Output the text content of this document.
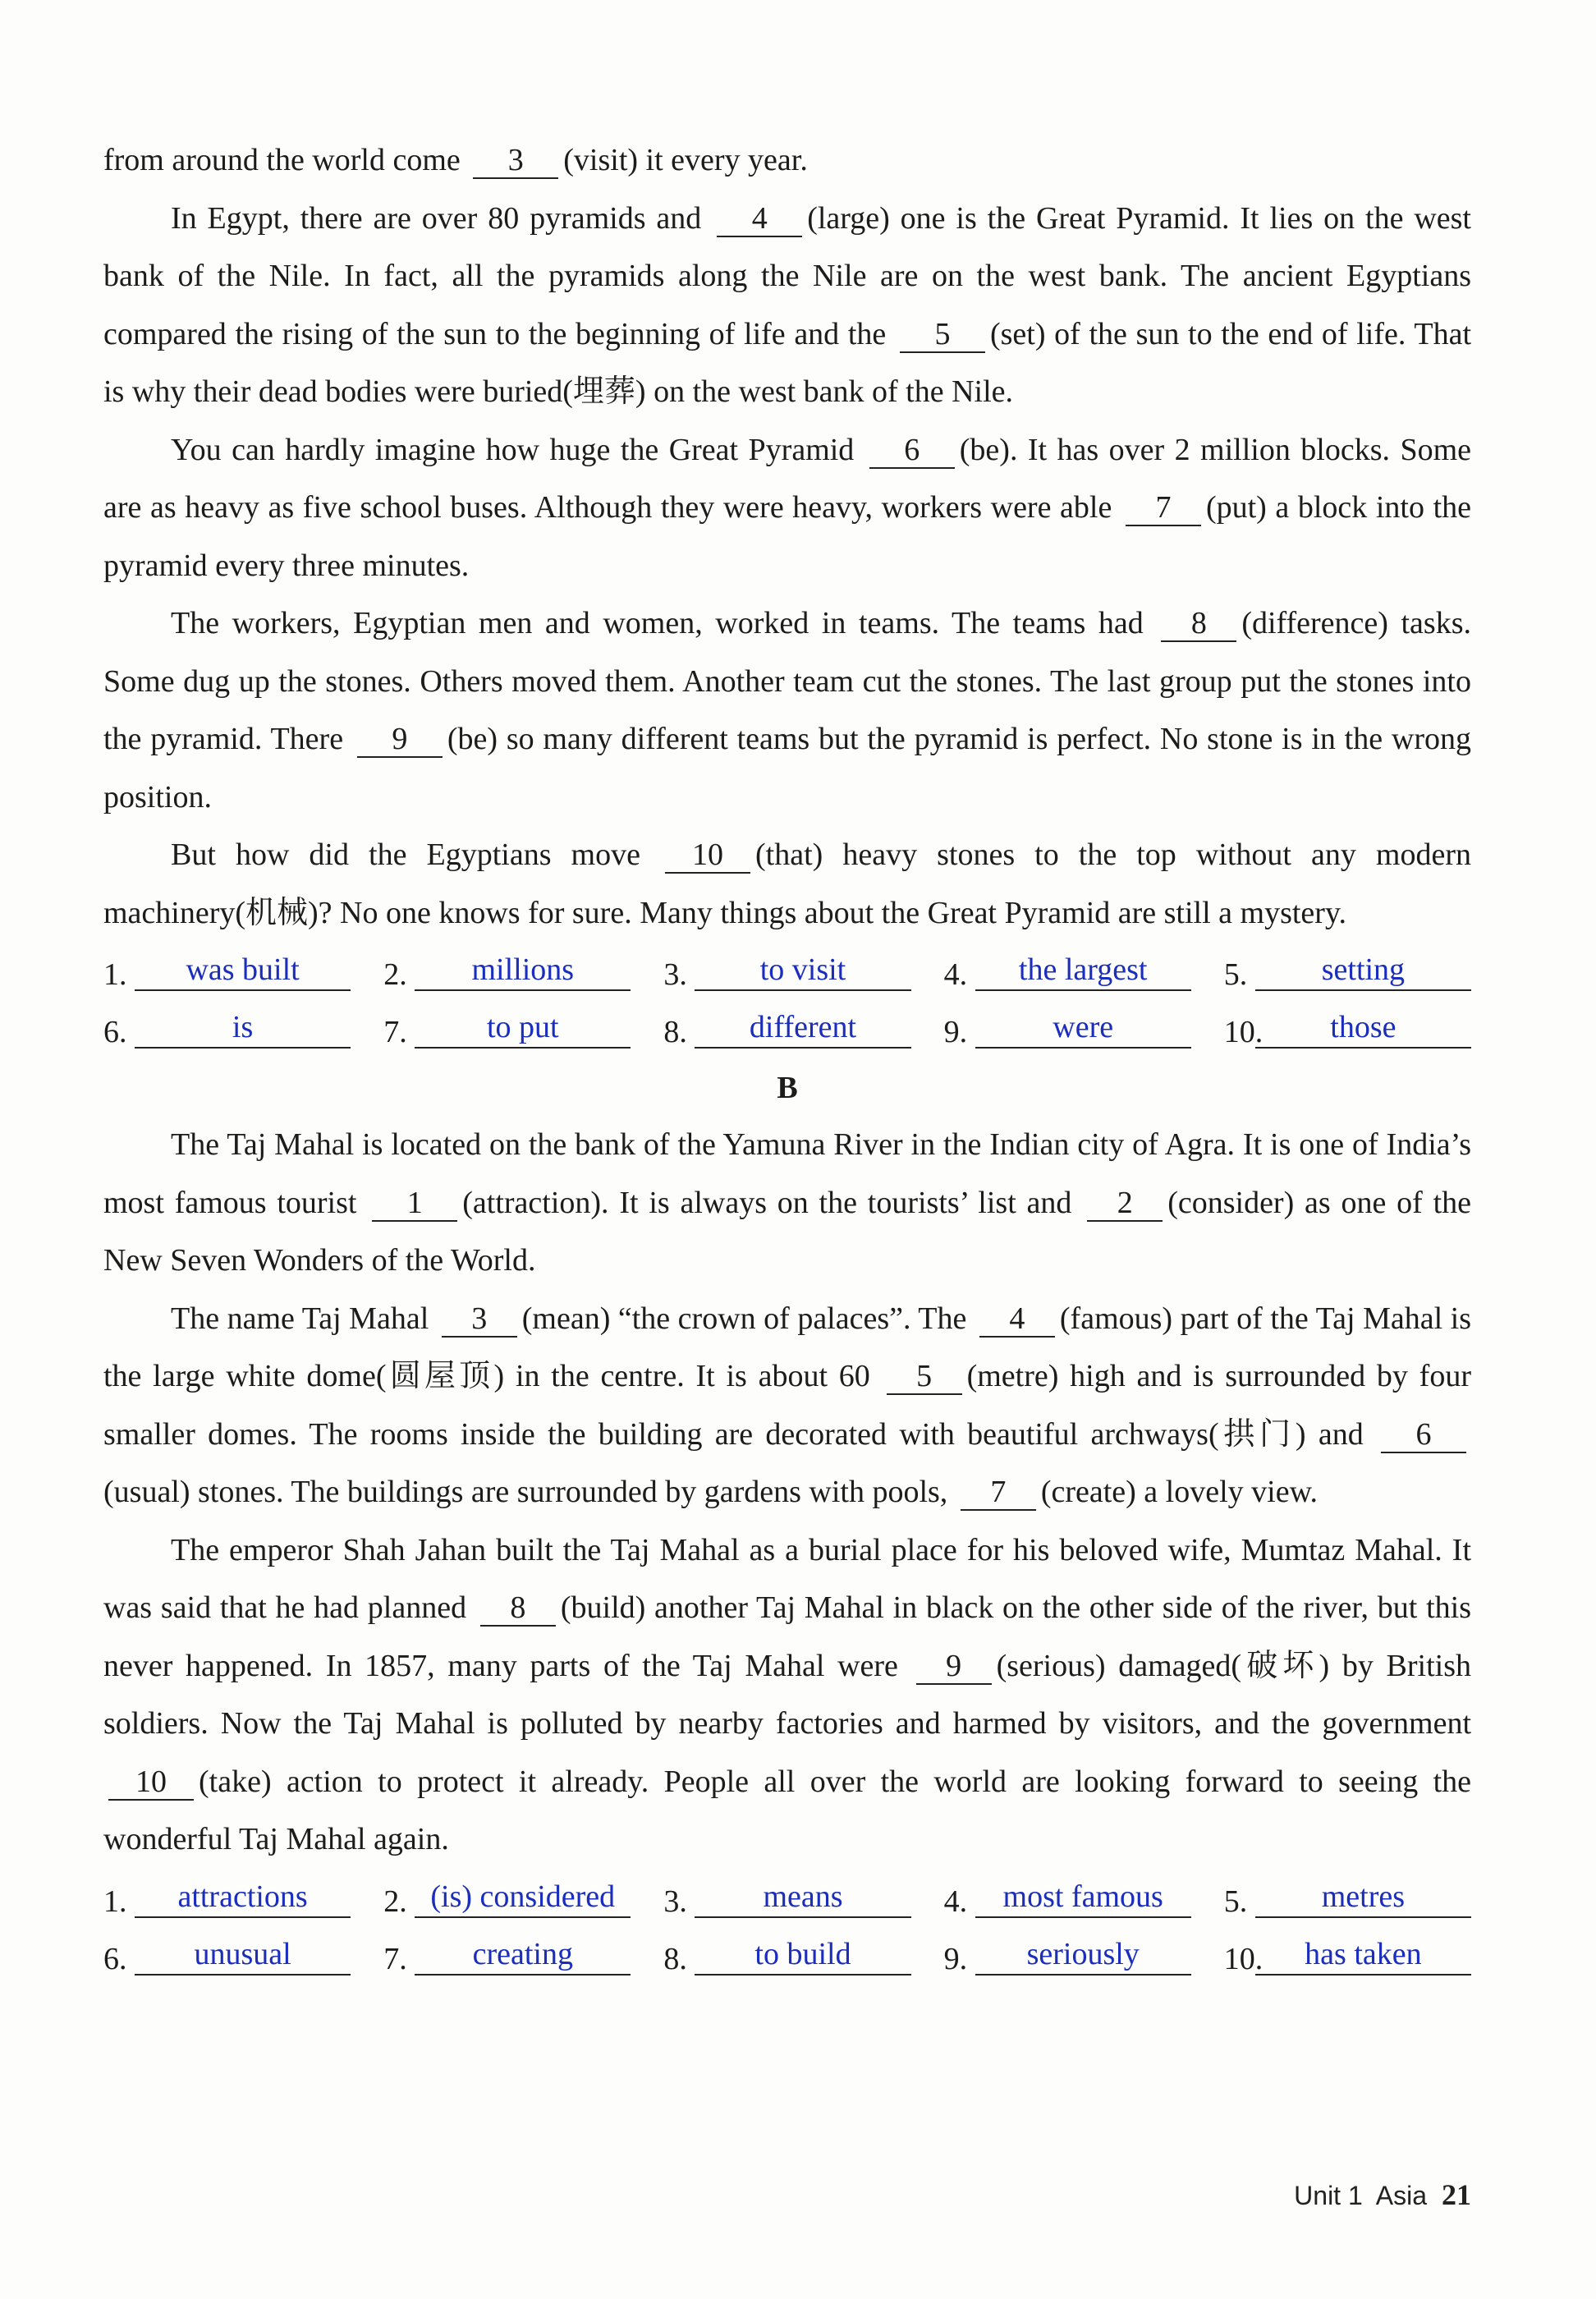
from around the world come 3 (visit) it every year.

In Egypt, there are over 80 pyramids and 4 (large) one is the Great Pyramid. It lies on the west bank of the Nile. In fact, all the pyramids along the Nile are on the west bank. The ancient Egyptians compared the rising of the sun to the beginning of life and the 5 (set) of the sun to the end of life. That is why their dead bodies were buried(埋葬) on the west bank of the Nile.

You can hardly imagine how huge the Great Pyramid 6 (be). It has over 2 million blocks. Some are as heavy as five school buses. Although they were heavy, workers were able 7 (put) a block into the pyramid every three minutes.

The workers, Egyptian men and women, worked in teams. The teams had 8 (difference) tasks. Some dug up the stones. Others moved them. Another team cut the stones. The last group put the stones into the pyramid. There 9 (be) so many different teams but the pyramid is perfect. No stone is in the wrong position.

But how did the Egyptians move 10 (that) heavy stones to the top without any modern machinery(机械)? No one knows for sure. Many things about the Great Pyramid are still a mystery.

1.	was built	2.	millions	3.	to visit	4.	the largest	5.	setting
6.	is	7.	to put	8.	different	9.	were	10.	those
B

The Taj Mahal is located on the bank of the Yamuna River in the Indian city of Agra. It is one of India’s most famous tourist 1 (attraction). It is always on the tourists’ list and 2 (consider) as one of the New Seven Wonders of the World.

The name Taj Mahal 3 (mean) “the crown of palaces”. The 4 (famous) part of the Taj Mahal is the large white dome(圆屋顶) in the centre. It is about 60 5 (metre) high and is surrounded by four smaller domes. The rooms inside the building are decorated with beautiful archways(拱门) and 6(usual) stones. The buildings are surrounded by gardens with pools, 7 (create) a lovely view.

The emperor Shah Jahan built the Taj Mahal as a burial place for his beloved wife, Mumtaz Mahal. It was said that he had planned 8 (build) another Taj Mahal in black on the other side of the river, but this never happened. In 1857, many parts of the Taj Mahal were 9 (serious) damaged(破坏) by British soldiers. Now the Taj Mahal is polluted by nearby factories and harmed by visitors, and the government 10 (take) action to protect it already. People all over the world are looking forward to seeing the wonderful Taj Mahal again.

1.	attractions	2. (is) considered	3.	means	4.	most famous	5.	metres
6.	unusual	7.	creating	8.	to build	9.	seriously	10.	has taken
Unit 1 Asia 21
